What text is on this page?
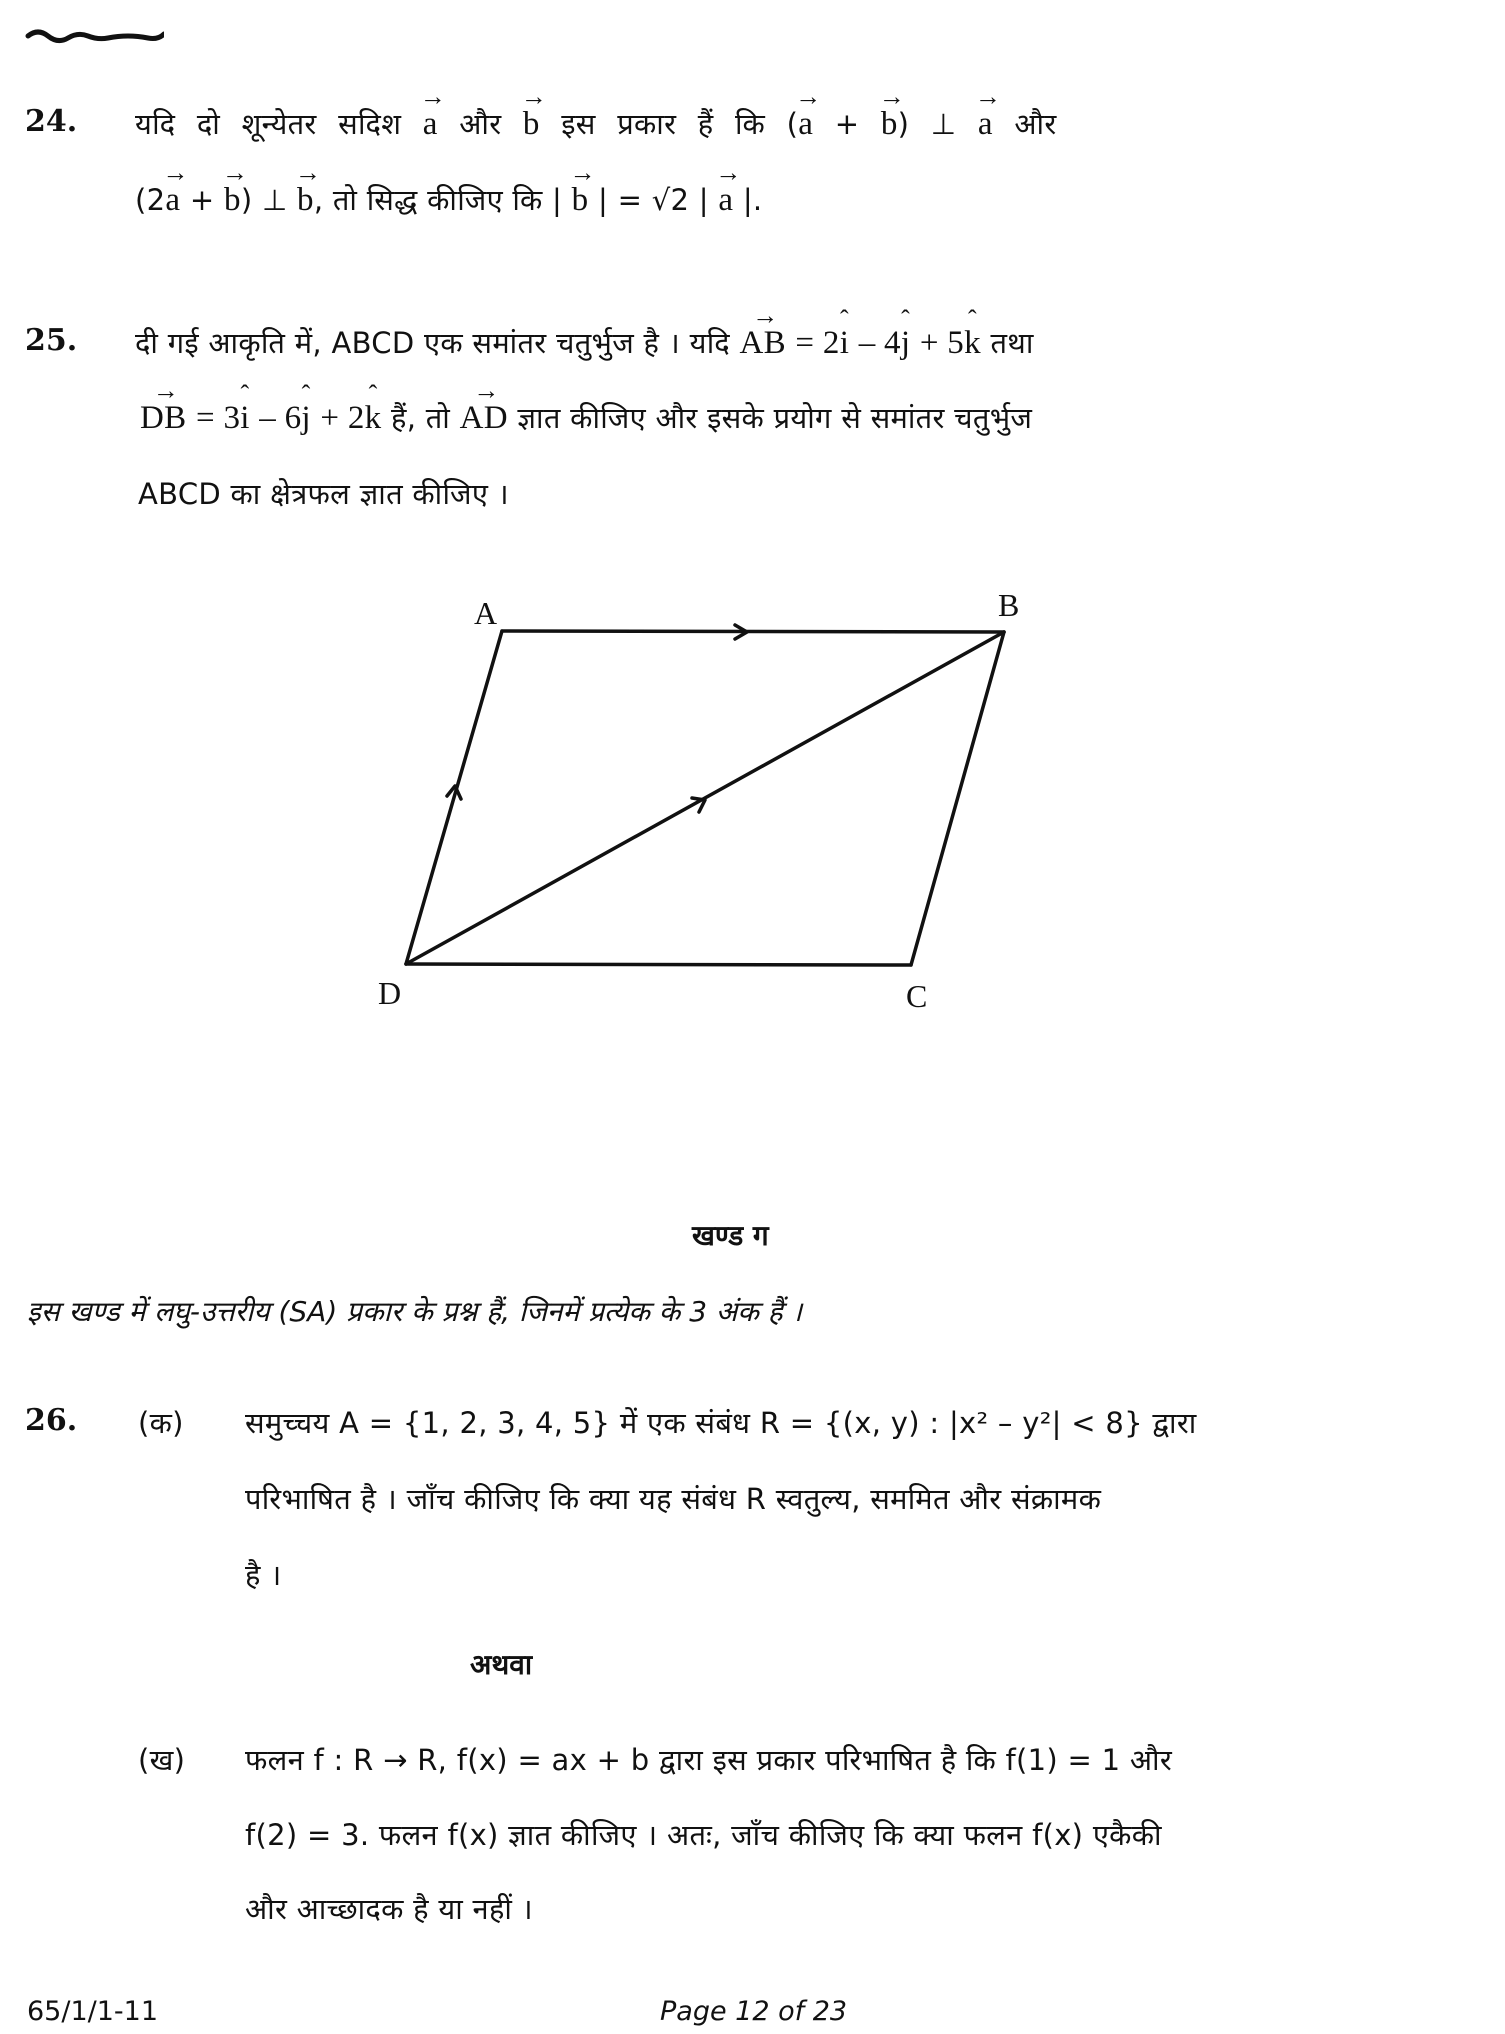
24. यदि दो शून्येतर सदिश → a और → b इस प्रकार हैं कि (→ a + → b) ⊥ → a और
(2→ a + → b) ⊥ → b, तो सिद्ध कीजिए कि | → b | = √2 | → a |.
25. दी गई आकृति में, ABCD एक समांतर चतुर्भुज है । यदि → AB = 2ˆ i – 4ˆ j + 5ˆ k तथा
→ DB = 3ˆ i – 6ˆ j + 2ˆ k हैं, तो → AD ज्ञात कीजिए और इसके प्रयोग से समांतर चतुर्भुज
ABCD का क्षेत्रफल ज्ञात कीजिए ।
A	B
C
D
खण्ड ग
इस खण्ड में लघु-उत्तरीय (SA) प्रकार के प्रश्न हैं, जिनमें प्रत्येक के 3 अंक हैं ।
26. (क) समुच्चय A = {1, 2, 3, 4, 5} में एक संबंध R = {(x, y) : |x² – y²| < 8} द्वारा
परिभाषित है । जाँच कीजिए कि क्या यह संबंध R स्वतुल्य, सममित और संक्रामक
है ।
अथवा
(ख) फलन f : R → R, f(x) = ax + b द्वारा इस प्रकार परिभाषित है कि f(1) = 1 और
f(2) = 3. फलन f(x) ज्ञात कीजिए । अतः, जाँच कीजिए कि क्या फलन f(x) एकैकी
और आच्छादक है या नहीं ।
65/1/1-11	Page 12 of 23
